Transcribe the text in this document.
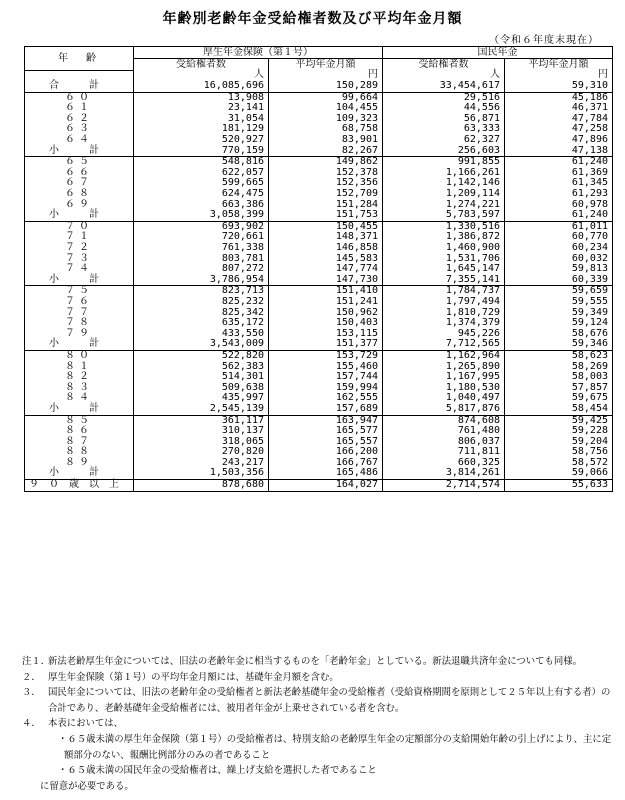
年齢別老齢年金受給権者数及び平均年金月額
（令和６年度末現在）
年　齢	厚生年金保険（第１号）		国民年金	
	受給権者数	平均年金月額	受給権者数	平均年金月額
	人	円	人	円
合　計	16,085,696	150,289	33,454,617	59,310
６０	13,908	99,664	29,516	45,186
６１	23,141	104,455	44,556	46,371
６２	31,054	109,323	56,871	47,784
６３	181,129	68,758	63,333	47,258
６４	520,927	83,901	62,327	47,896
小　計	770,159	82,267	256,603	47,138
６５	548,816	149,862	991,855	61,240
６６	622,057	152,378	1,166,261	61,369
６７	599,665	152,356	1,142,146	61,345
６８	624,475	152,709	1,209,114	61,293
６９	663,386	151,284	1,274,221	60,978
小　計	3,058,399	151,753	5,783,597	61,240
７０	693,902	150,455	1,330,516	61,011
７１	720,661	148,371	1,386,872	60,770
７２	761,338	146,858	1,460,900	60,234
７３	803,781	145,583	1,531,706	60,032
７４	807,272	147,774	1,645,147	59,813
小　計	3,786,954	147,730	7,355,141	60,339
７５	823,713	151,410	1,784,737	59,659
７６	825,232	151,241	1,797,494	59,555
７７	825,342	150,962	1,810,729	59,349
７８	635,172	150,403	1,374,379	59,124
７９	433,550	153,115	945,226	58,676
小　計	3,543,009	151,377	7,712,565	59,346
８０	522,820	153,729	1,162,964	58,623
８１	562,383	155,460	1,265,890	58,269
８２	514,301	157,744	1,167,995	58,003
８３	509,638	159,994	1,180,530	57,857
８４	435,997	162,555	1,040,497	59,675
小　計	2,545,139	157,689	5,817,876	58,454
８５	361,117	163,947	874,608	59,425
８６	310,137	165,577	761,480	59,228
８７	318,065	165,557	806,037	59,204
８８	270,820	166,200	711,811	58,756
８９	243,217	166,767	660,325	58,572
小　計	1,503,356	165,486	3,814,261	59,066
９０歳以上	878,680	164,027	2,714,574	55,633
注１．
新法老齢厚生年金については、旧法の老齢年金に相当するものを「老齢年金」としている。新法退職共済年金についても同様。
２． 厚生年金保険（第１号）の平均年金月額には、基礎年金月額を含む。
３． 国民年金については、旧法の老齢年金の受給権者と新法老齢基礎年金の受給権者（受給資格期間を原則として２５年以上有する者）の合計であり、老齢基礎年金受給権者には、被用者年金が上乗せされている者を含む。
４． 本表においては、
・６５歳未満の厚生年金保険（第１号）の受給権者は、特別支給の老齢厚生年金の定額部分の支給開始年齢の引上げにより、主に定額部分のない、報酬比例部分のみの者であること
・６５歳未満の国民年金の受給権者は、繰上げ支給を選択した者であること
に留意が必要である。
